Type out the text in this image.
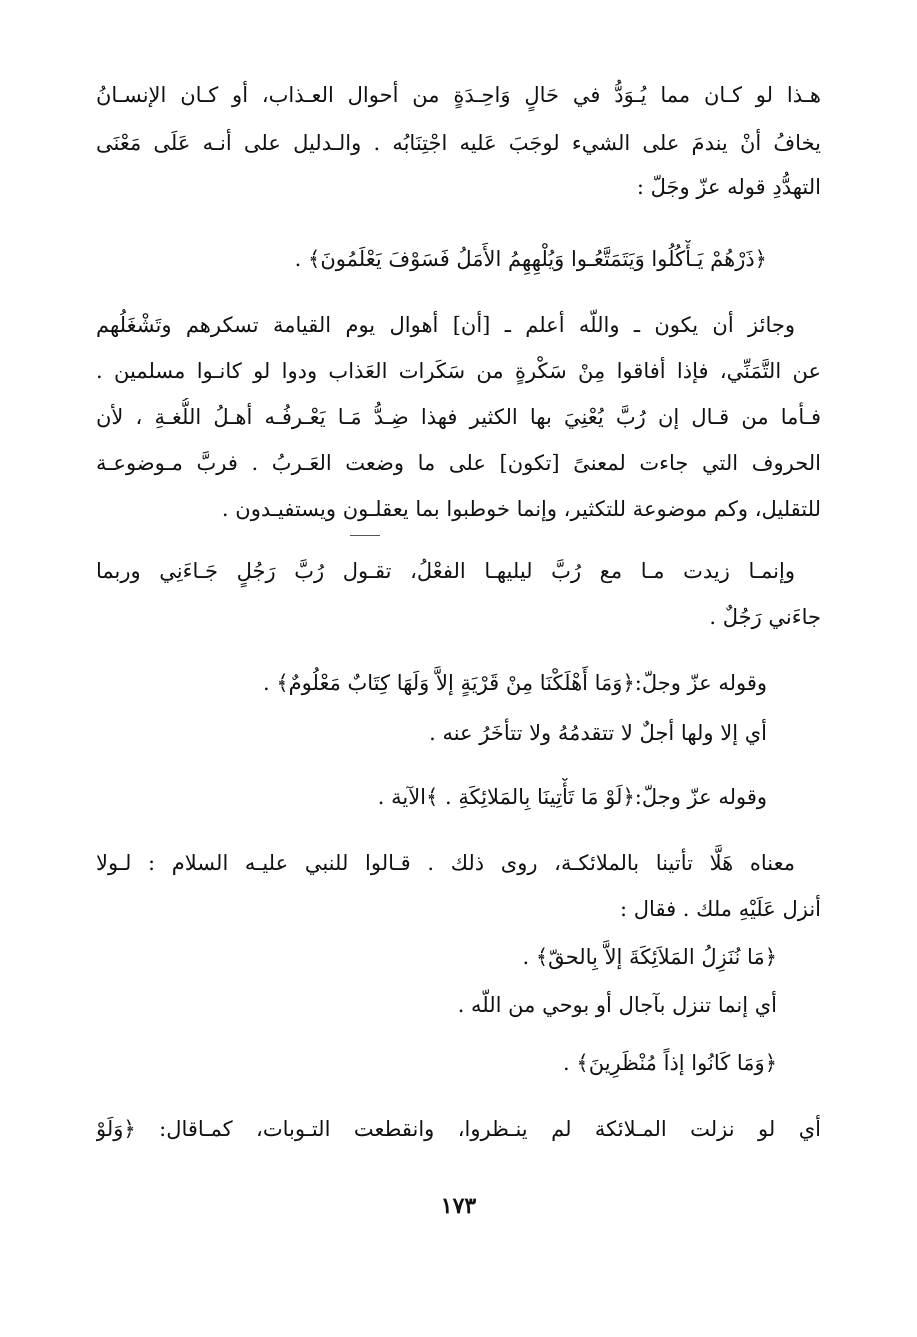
هـذا لو كـان مما يُـوَدُّ في حَالٍ وَاحِـدَةٍ من أحوال العـذاب، أو كـان الإنسـانُ
يخافُ أنْ يندمَ على الشيء لوجَبَ عَليه اجْتِنَابُه . والـدليل على أنـه عَلَى مَعْنَى
التهدُّدِ قوله عزّ وجَلّ :
﴿ذَرْهُمْ يَـأْكُلُوا وَيَتَمَتَّعُـوا وَيُلْهِهِمُ الأَمَلُ فَسَوْفَ يَعْلَمُونَ﴾ .
وجائز أن يكون ـ واللّه أعلم ـ [أن] أهوال يوم القيامة تسكرهم وتَشْغَلُهم
عن التَّمَنِّي، فإذا أفاقوا مِنْ سَكْرةٍ من سَكَرات العَذاب ودوا لو كانـوا مسلمين .
فـأما من قـال إن رُبَّ يُعْنِيَ بها الكثير فهذا ضِـدُّ مَـا يَعْـرفُـه أهـلُ اللُّغـةِ ، لأن
الحروف التي جاءت لمعنىً [تكون] على ما وضعت العَـربُ . فربَّ مـوضوعـة
للتقليل، وكم موضوعة للتكثير، وإنما خوطبوا بما يعقلـون ويستفيـدون .
وإنمـا زيدت مـا مع رُبَّ ليليهـا الفعْلُ، تقـول رُبَّ رَجُلٍ جَـاءَنِي وربما
جاءَني رَجُلٌ .
وقوله عزّ وجلّ:﴿وَمَا أَهْلَكْنَا مِنْ قَرْيَةٍ إلاَّ وَلَهَا كِتَابٌ مَعْلُومٌ﴾ .
أي إلا ولها أجلٌ لا تتقدمُهُ ولا تتأخَرُ عنه .
وقوله عزّ وجلّ:﴿لَوْ مَا تَأْتِينَا بِالمَلائِكَةِ . ﴾الآية .
معناه هَلَّا تأتينا بالملائكـة، روى ذلك . قـالوا للنبي عليـه السلام : لـولا
أنزل عَلَيْهِ ملك . فقال :
﴿مَا نُنَزِلُ المَلاَئِكَةَ إلاَّ بِالحقّ﴾ .
أي إنما تنزل بآجال أو بوحي من اللّه .
﴿وَمَا كَانُوا إذاً مُنْظَرِينَ﴾ .
أي لو نزلت المـلائكة لم ينـظروا، وانقطعت التـوبات، كمـاقال: ﴿وَلَوْ
١٧٣
